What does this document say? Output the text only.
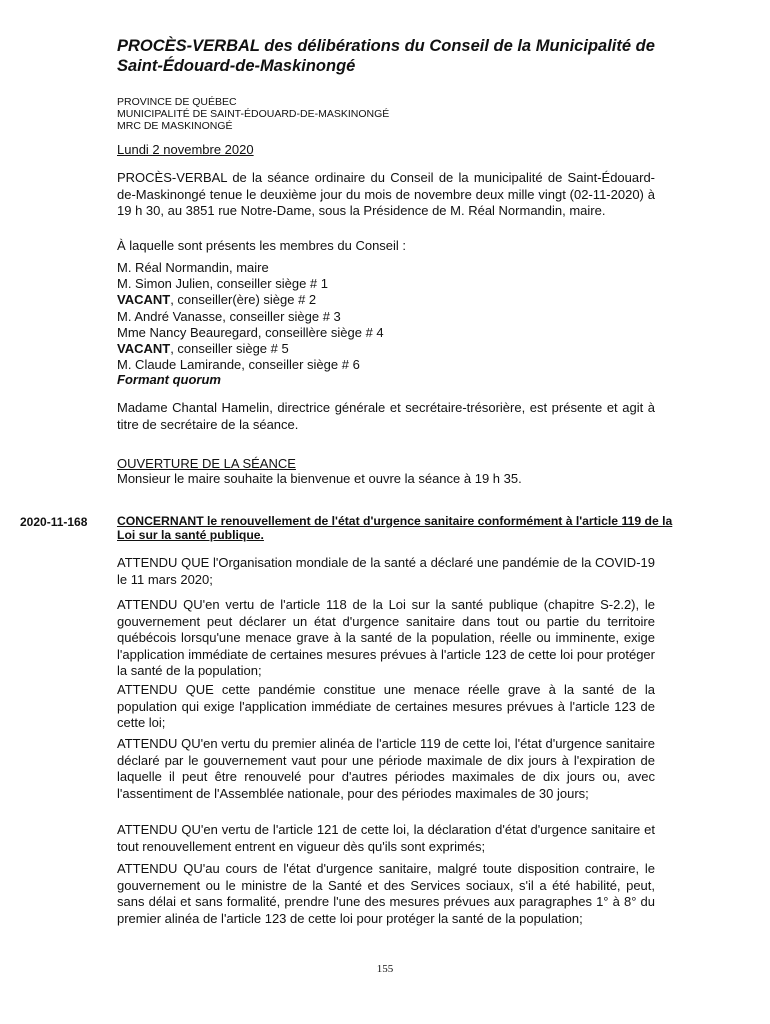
PROCÈS-VERBAL des délibérations du Conseil de la Municipalité de Saint-Édouard-de-Maskinongé
PROVINCE DE QUÉBEC
MUNICIPALITÉ DE SAINT-ÉDOUARD-DE-MASKINONGÉ
MRC DE MASKINONGÉ
Lundi 2 novembre 2020
PROCÈS-VERBAL de la séance ordinaire du Conseil de la municipalité de Saint-Édouard-de-Maskinongé tenue le deuxième jour du mois de novembre deux mille vingt (02-11-2020) à 19 h 30, au 3851 rue Notre-Dame, sous la Présidence de M. Réal Normandin, maire.
À laquelle sont présents les membres du Conseil :
M. Réal Normandin, maire
M. Simon Julien, conseiller siège # 1
VACANT, conseiller(ère) siège # 2
M. André Vanasse, conseiller siège # 3
Mme Nancy Beauregard, conseillère siège # 4
VACANT, conseiller siège # 5
M. Claude Lamirande, conseiller siège # 6
Formant quorum
Madame Chantal Hamelin, directrice générale et secrétaire-trésorière, est présente et agit à titre de secrétaire de la séance.
OUVERTURE DE LA SÉANCE
Monsieur le maire souhaite la bienvenue et ouvre la séance à 19 h 35.
2020-11-168 CONCERNANT le renouvellement de l'état d'urgence sanitaire conformément à l'article 119 de la Loi sur la santé publique.
ATTENDU QUE l'Organisation mondiale de la santé a déclaré une pandémie de la COVID-19 le 11 mars 2020;
ATTENDU QU'en vertu de l'article 118 de la Loi sur la santé publique (chapitre S-2.2), le gouvernement peut déclarer un état d'urgence sanitaire dans tout ou partie du territoire québécois lorsqu'une menace grave à la santé de la population, réelle ou imminente, exige l'application immédiate de certaines mesures prévues à l'article 123 de cette loi pour protéger la santé de la population;
ATTENDU QUE cette pandémie constitue une menace réelle grave à la santé de la population qui exige l'application immédiate de certaines mesures prévues à l'article 123 de cette loi;
ATTENDU QU'en vertu du premier alinéa de l'article 119 de cette loi, l'état d'urgence sanitaire déclaré par le gouvernement vaut pour une période maximale de dix jours à l'expiration de laquelle il peut être renouvelé pour d'autres périodes maximales de dix jours ou, avec l'assentiment de l'Assemblée nationale, pour des périodes maximales de 30 jours;
ATTENDU QU'en vertu de l'article 121 de cette loi, la déclaration d'état d'urgence sanitaire et tout renouvellement entrent en vigueur dès qu'ils sont exprimés;
ATTENDU QU'au cours de l'état d'urgence sanitaire, malgré toute disposition contraire, le gouvernement ou le ministre de la Santé et des Services sociaux, s'il a été habilité, peut, sans délai et sans formalité, prendre l'une des mesures prévues aux paragraphes 1° à 8° du premier alinéa de l'article 123 de cette loi pour protéger la santé de la population;
155
